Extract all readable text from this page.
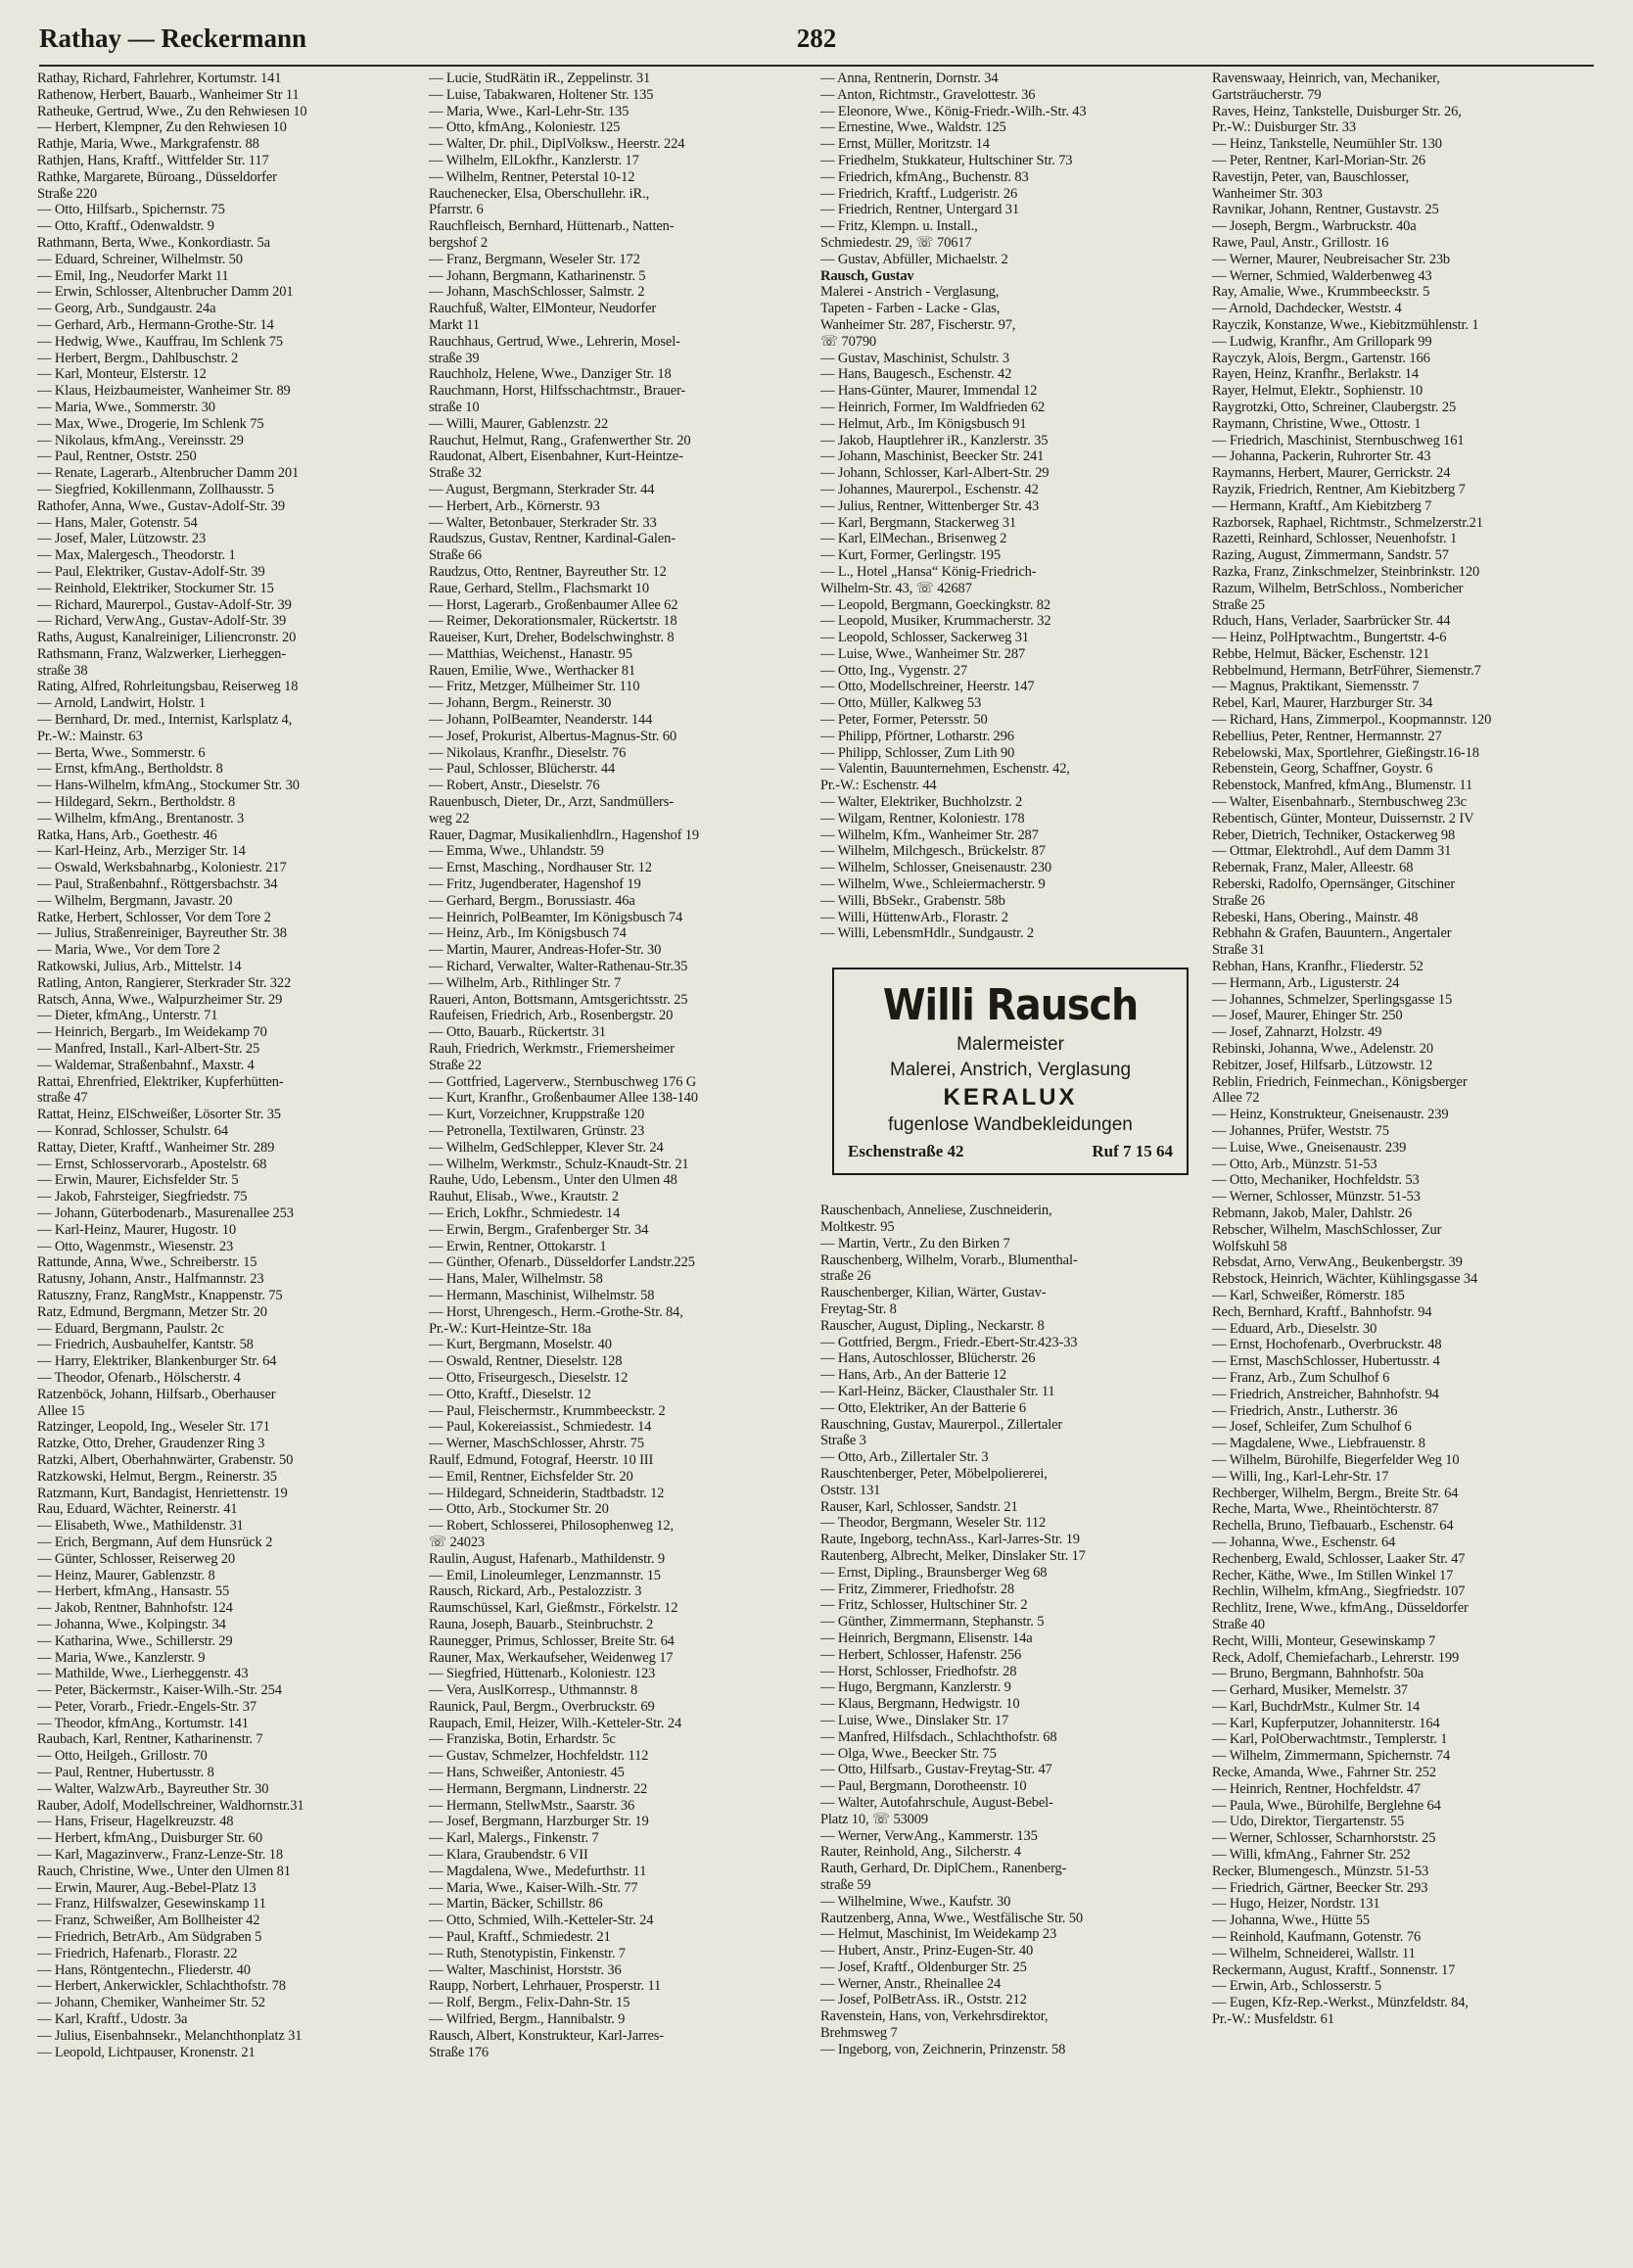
Rathay — Reckermann	282
Rathay, Richard, Fahrlehrer, Kortumstr. 141
Rathenow, Herbert, Bauarb., Wanheimer Str 11
Ratheuke, Gertrud, Wwe., Zu den Rehwiesen 10
— Herbert, Klempner, Zu den Rehwiesen 10
Rathje, Maria, Wwe., Markgrafenstr. 88
Rathjen, Hans, Kraftf., Wittfelder Str. 117
Rathke, Margarete, Büroang., Düsseldorfer
Straße 220
— Otto, Hilfsarb., Spichernstr. 75
— Otto, Kraftf., Odenwaldstr. 9
Rathmann, Berta, Wwe., Konkordiastr. 5a
— Eduard, Schreiner, Wilhelmstr. 50
— Emil, Ing., Neudorfer Markt 11
— Erwin, Schlosser, Altenbrucher Damm 201
— Georg, Arb., Sundgaustr. 24a
— Gerhard, Arb., Hermann-Grothe-Str. 14
— Hedwig, Wwe., Kauffrau, Im Schlenk 75
— Herbert, Bergm., Dahlbuschstr. 2
— Karl, Monteur, Elsterstr. 12
— Klaus, Heizbaumeister, Wanheimer Str. 89
— Maria, Wwe., Sommerstr. 30
— Max, Wwe., Drogerie, Im Schlenk 75
— Nikolaus, kfmAng., Vereinsstr. 29
— Paul, Rentner, Oststr. 250
— Renate, Lagerarb., Altenbrucher Damm 201
— Siegfried, Kokillenmann, Zollhausstr. 5
Rathofer, Anna, Wwe., Gustav-Adolf-Str. 39
— Hans, Maler, Gotenstr. 54
— Josef, Maler, Lützowstr. 23
— Max, Malergesch., Theodorstr. 1
— Paul, Elektriker, Gustav-Adolf-Str. 39
— Reinhold, Elektriker, Stockumer Str. 15
— Richard, Maurerpol., Gustav-Adolf-Str. 39
— Richard, VerwAng., Gustav-Adolf-Str. 39
Raths, August, Kanalreiniger, Liliencronstr. 20
Rathsmann, Franz, Walzwerker, Lierheggen-
straße 38
Rating, Alfred, Rohrleitungsbau, Reiserweg 18
— Arnold, Landwirt, Holstr. 1
— Bernhard, Dr. med., Internist, Karlsplatz 4,
Pr.-W.: Mainstr. 63
— Berta, Wwe., Sommerstr. 6
— Ernst, kfmAng., Bertholdstr. 8
— Hans-Wilhelm, kfmAng., Stockumer Str. 30
— Hildegard, Sekrn., Bertholdstr. 8
— Wilhelm, kfmAng., Brentanostr. 3
Ratka, Hans, Arb., Goethestr. 46
— Karl-Heinz, Arb., Merziger Str. 14
— Oswald, Werksbahnarbg., Koloniestr. 217
— Paul, Straßenbahnf., Röttgersbachstr. 34
— Wilhelm, Bergmann, Javastr. 20
Ratke, Herbert, Schlosser, Vor dem Tore 2
— Julius, Straßenreiniger, Bayreuther Str. 38
— Maria, Wwe., Vor dem Tore 2
Ratkowski, Julius, Arb., Mittelstr. 14
Ratling, Anton, Rangierer, Sterkrader Str. 322
Ratsch, Anna, Wwe., Walpurzheimer Str. 29
— Dieter, kfmAng., Unterstr. 71
— Heinrich, Bergarb., Im Weidekamp 70
— Manfred, Install., Karl-Albert-Str. 25
— Waldemar, Straßenbahnf., Maxstr. 4
Rattai, Ehrenfried, Elektriker, Kupferhütten-
straße 47
Rattat, Heinz, ElSchweißer, Lösorter Str. 35
— Konrad, Schlosser, Schulstr. 64
Rattay, Dieter, Kraftf., Wanheimer Str. 289
— Ernst, Schlosservorarb., Apostelstr. 68
— Erwin, Maurer, Eichsfelder Str. 5
— Jakob, Fahrsteiger, Siegfriedstr. 75
— Johann, Güterbodenarb., Masurenallee 253
— Karl-Heinz, Maurer, Hugostr. 10
— Otto, Wagenmstr., Wiesenstr. 23
Rattunde, Anna, Wwe., Schreiberstr. 15
Ratusny, Johann, Anstr., Halfmannstr. 23
Ratuszny, Franz, RangMstr., Knappenstr. 75
Ratz, Edmund, Bergmann, Metzer Str. 20
— Eduard, Bergmann, Paulstr. 2c
— Friedrich, Ausbauhelfer, Kantstr. 58
— Harry, Elektriker, Blankenburger Str. 64
— Theodor, Ofenarb., Hölscherstr. 4
Ratzenböck, Johann, Hilfsarb., Oberhauser
Allee 15
Ratzinger, Leopold, Ing., Weseler Str. 171
Ratzke, Otto, Dreher, Graudenzer Ring 3
Ratzki, Albert, Oberhahnwärter, Grabenstr. 50
Ratzkowski, Helmut, Bergm., Reinerstr. 35
Ratzmann, Kurt, Bandagist, Henriettenstr. 19
Rau, Eduard, Wächter, Reinerstr. 41
— Elisabeth, Wwe., Mathildenstr. 31
— Erich, Bergmann, Auf dem Hunsrück 2
— Günter, Schlosser, Reiserweg 20
— Heinz, Maurer, Gablenzstr. 8
— Herbert, kfmAng., Hansastr. 55
— Jakob, Rentner, Bahnhofstr. 124
— Johanna, Wwe., Kolpingstr. 34
— Katharina, Wwe., Schillerstr. 29
— Maria, Wwe., Kanzlerstr. 9
— Mathilde, Wwe., Lierheggenstr. 43
— Peter, Bäckermstr., Kaiser-Wilh.-Str. 254
— Peter, Vorarb., Friedr.-Engels-Str. 37
— Theodor, kfmAng., Kortumstr. 141
Raubach, Karl, Rentner, Katharinenstr. 7
— Otto, Heilgeh., Grillostr. 70
— Paul, Rentner, Hubertusstr. 8
— Walter, WalzwArb., Bayreuther Str. 30
Rauber, Adolf, Modellschreiner, Waldhornstr.31
— Hans, Friseur, Hagelkreuzstr. 48
— Herbert, kfmAng., Duisburger Str. 60
— Karl, Magazinverw., Franz-Lenze-Str. 18
Rauch, Christine, Wwe., Unter den Ulmen 81
— Erwin, Maurer, Aug.-Bebel-Platz 13
— Franz, Hilfswalzer, Gesewinskamp 11
— Franz, Schweißer, Am Bollheister 42
— Friedrich, BetrArb., Am Südgraben 5
— Friedrich, Hafenarb., Florastr. 22
— Hans, Röntgentechn., Fliederstr. 40
— Herbert, Ankerwickler, Schlachthofstr. 78
— Johann, Chemiker, Wanheimer Str. 52
— Karl, Kraftf., Udostr. 3a
— Julius, Eisenbahnsekr., Melanchthonplatz 31
— Leopold, Lichtpauser, Kronenstr. 21
— Lucie, StudRätin iR., Zeppelinstr. 31
— Luise, Tabakwaren, Holtener Str. 135
— Maria, Wwe., Karl-Lehr-Str. 135
— Otto, kfmAng., Koloniestr. 125
— Walter, Dr. phil., DiplVolksw., Heerstr. 224
— Wilhelm, ElLokfhr., Kanzlerstr. 17
— Wilhelm, Rentner, Peterstal 10-12
Rauchenecker, Elsa, Oberschullehr. iR.,
Pfarrstr. 6
Rauchfleisch, Bernhard, Hüttenarb., Natten-
bergshof 2
— Franz, Bergmann, Weseler Str. 172
— Johann, Bergmann, Katharinenstr. 5
— Johann, MaschSchlosser, Salmstr. 2
Rauchfuß, Walter, ElMonteur, Neudorfer
Markt 11
Rauchhaus, Gertrud, Wwe., Lehrerin, Mosel-
straße 39
Rauchholz, Helene, Wwe., Danziger Str. 18
Rauchmann, Horst, Hilfsschachtmstr., Brauer-
straße 10
— Willi, Maurer, Gablenzstr. 22
Rauchut, Helmut, Rang., Grafenwerther Str. 20
Raudonat, Albert, Eisenbahner, Kurt-Heintze-
Straße 32
— August, Bergmann, Sterkrader Str. 44
— Herbert, Arb., Körnerstr. 93
— Walter, Betonbauer, Sterkrader Str. 33
Raudszus, Gustav, Rentner, Kardinal-Galen-
Straße 66
Raudzus, Otto, Rentner, Bayreuther Str. 12
Raue, Gerhard, Stellm., Flachsmarkt 10
— Horst, Lagerarb., Großenbaumer Allee 62
— Reimer, Dekorationsmaler, Rückertstr. 18
Raueiser, Kurt, Dreher, Bodelschwinghstr. 8
— Matthias, Weichenst., Hanastr. 95
Rauen, Emilie, Wwe., Werthacker 81
— Fritz, Metzger, Mülheimer Str. 110
— Johann, Bergm., Reinerstr. 30
— Johann, PolBeamter, Neanderstr. 144
— Josef, Prokurist, Albertus-Magnus-Str. 60
— Nikolaus, Kranfhr., Dieselstr. 76
— Paul, Schlosser, Blücherstr. 44
— Robert, Anstr., Dieselstr. 76
Rauenbusch, Dieter, Dr., Arzt, Sandmüllers-
weg 22
Rauer, Dagmar, Musikalienhdlrn., Hagenshof 19
— Emma, Wwe., Uhlandstr. 59
— Ernst, Masching., Nordhauser Str. 12
— Fritz, Jugendberater, Hagenshof 19
— Gerhard, Bergm., Borussiastr. 46a
— Heinrich, PolBeamter, Im Königsbusch 74
— Heinz, Arb., Im Königsbusch 74
— Martin, Maurer, Andreas-Hofer-Str. 30
— Richard, Verwalter, Walter-Rathenau-Str.35
— Wilhelm, Arb., Rithlinger Str. 7
Raueri, Anton, Bottsmann, Amtsgerichtsstr. 25
Raufeisen, Friedrich, Arb., Rosenbergstr. 20
— Otto, Bauarb., Rückertstr. 31
Rauh, Friedrich, Werkmstr., Friemersheimer
Straße 22
— Gottfried, Lagerverw., Sternbuschweg 176 G
— Kurt, Kranfhr., Großenbaumer Allee 138-140
— Kurt, Vorzeichner, Kruppstraße 120
— Petronella, Textilwaren, Grünstr. 23
— Wilhelm, GedSchlepper, Klever Str. 24
— Wilhelm, Werkmstr., Schulz-Knaudt-Str. 21
Rauhe, Udo, Lebensm., Unter den Ulmen 48
Rauhut, Elisab., Wwe., Krautstr. 2
— Erich, Lokfhr., Schmiedestr. 14
— Erwin, Bergm., Grafenberger Str. 34
— Erwin, Rentner, Ottokarstr. 1
— Günther, Ofenarb., Düsseldorfer Landstr.225
— Hans, Maler, Wilhelmstr. 58
— Hermann, Maschinist, Wilhelmstr. 58
— Horst, Uhrengesch., Herm.-Grothe-Str. 84,
Pr.-W.: Kurt-Heintze-Str. 18a
— Kurt, Bergmann, Moselstr. 40
— Oswald, Rentner, Dieselstr. 128
— Otto, Friseurgesch., Dieselstr. 12
— Otto, Kraftf., Dieselstr. 12
— Paul, Fleischermstr., Krummbeeckstr. 2
— Paul, Kokereiassist., Schmiedestr. 14
— Werner, MaschSchlosser, Ahrstr. 75
Raulf, Edmund, Fotograf, Heerstr. 10 III
— Emil, Rentner, Eichsfelder Str. 20
— Hildegard, Schneiderin, Stadtbadstr. 12
— Otto, Arb., Stockumer Str. 20
— Robert, Schlossereі, Philosophenweg 12,
☏ 24023
Raulin, August, Hafenarb., Mathildenstr. 9
— Emil, Linoleumleger, Lenzmannstr. 15
Rausch, Rickard, Arb., Pestalozzistr. 3
Raumschüssel, Karl, Gießmstr., Förkelstr. 12
Rauna, Joseph, Bauarb., Steinbruchstr. 2
Raunegger, Primus, Schlosser, Breite Str. 64
Rauner, Max, Werkaufseher, Weidenweg 17
— Siegfried, Hüttenarb., Koloniestr. 123
— Vera, AuslKorresp., Uthmannstr. 8
Raunick, Paul, Bergm., Overbruckstr. 69
Raupach, Emil, Heizer, Wilh.-Ketteler-Str. 24
— Franziska, Botin, Erhardstr. 5c
— Gustav, Schmelzer, Hochfeldstr. 112
— Hans, Schweißer, Antoniestr. 45
— Hermann, Bergmann, Lindnerstr. 22
— Hermann, StellwMstr., Saarstr. 36
— Josef, Bergmann, Harzburger Str. 19
— Karl, Malergs., Finkenstr. 7
— Klara, Graubendstr. 6 VII
— Magdalena, Wwe., Medefurthstr. 11
— Maria, Wwe., Kaiser-Wilh.-Str. 77
— Martin, Bäcker, Schillstr. 86
— Otto, Schmied, Wilh.-Ketteler-Str. 24
— Paul, Kraftf., Schmiedestr. 21
— Ruth, Stenotypistin, Finkenstr. 7
— Walter, Maschinist, Horststr. 36
Raupp, Norbert, Lehrhauer, Prosperstr. 11
— Rolf, Bergm., Felix-Dahn-Str. 15
— Wilfried, Bergm., Hannibalstr. 9
Rausch, Albert, Konstrukteur, Karl-Jarres-
Straße 176
— Anna, Rentnerin, Dornstr. 34
— Anton, Richtmstr., Gravelottestr. 36
— Eleonore, Wwe., König-Friedr.-Wilh.-Str. 43
— Ernestine, Wwe., Waldstr. 125
— Ernst, Müller, Moritzstr. 14
— Friedhelm, Stukkateur, Hultschiner Str. 73
— Friedrich, kfmAng., Buchenstr. 83
— Friedrich, Kraftf., Ludgeristr. 26
— Friedrich, Rentner, Untergard 31
— Fritz, Klempn. u. Install.,
Schmiedestr. 29, ☏ 70617
— Gustav, Abfüller, Michaelstr. 2
Rausch, Gustav
Malerei - Anstrich - Verglasung,
Tapeten - Farben - Lacke - Glas,
Wanheimer Str. 287, Fischerstr. 97,
☏ 70790
— Gustav, Maschinist, Schulstr. 3
— Hans, Baugesch., Eschenstr. 42
— Hans-Günter, Maurer, Immendal 12
— Heinrich, Former, Im Waldfrieden 62
— Helmut, Arb., Im Königsbusch 91
— Jakob, Hauptlehrer iR., Kanzlerstr. 35
— Johann, Maschinist, Beecker Str. 241
— Johann, Schlosser, Karl-Albert-Str. 29
— Johannes, Maurerpol., Eschenstr. 42
— Julius, Rentner, Wittenberger Str. 43
— Karl, Bergmann, Stackerweg 31
— Karl, ElMechan., Brisenweg 2
— Kurt, Former, Gerlingstr. 195
— L., Hotel „Hansa“ König-Friedrich-
Wilhelm-Str. 43, ☏ 42687
— Leopold, Bergmann, Goeckingkstr. 82
— Leopold, Musiker, Krummacherstr. 32
— Leopold, Schlosser, Sackerweg 31
— Luise, Wwe., Wanheimer Str. 287
— Otto, Ing., Vygenstr. 27
— Otto, Modellschreiner, Heerstr. 147
— Otto, Müller, Kalkweg 53
— Peter, Former, Petersstr. 50
— Philipp, Pförtner, Lotharstr. 296
— Philipp, Schlosser, Zum Lith 90
— Valentin, Bauunternehmen, Eschenstr. 42,
Pr.-W.: Eschenstr. 44
— Walter, Elektriker, Buchholzstr. 2
— Wilgam, Rentner, Koloniestr. 178
— Wilhelm, Kfm., Wanheimer Str. 287
— Wilhelm, Milchgesch., Brückelstr. 87
— Wilhelm, Schlosser, Gneisenaustr. 230
— Wilhelm, Wwe., Schleiermacherstr. 9
— Willi, BbSekr., Grabenstr. 58b
— Willi, HüttenwArb., Florastr. 2
— Willi, LebensmHdlr., Sundgaustr. 2
Willi Rausch
Malermeister
Malerei, Anstrich, Verglasung
KERALUX
fugenlose Wandbekleidungen
Eschenstraße 42	Ruf 7 15 64
Rauschenbach, Anneliese, Zuschneiderin,
Moltkestr. 95
— Martin, Vertr., Zu den Birken 7
Rauschenberg, Wilhelm, Vorarb., Blumenthal-
straße 26
Rauschenberger, Kilian, Wärter, Gustav-
Freytag-Str. 8
Rauscher, August, Dipling., Neckarstr. 8
— Gottfried, Bergm., Friedr.-Ebert-Str.423-33
— Hans, Autoschlosser, Blücherstr. 26
— Hans, Arb., An der Batterie 12
— Karl-Heinz, Bäcker, Clausthaler Str. 11
— Otto, Elektriker, An der Batterie 6
Rauschning, Gustav, Maurerpol., Zillertaler
Straße 3
— Otto, Arb., Zillertaler Str. 3
Rauschtenberger, Peter, Möbelpoliererei,
Oststr. 131
Rauser, Karl, Schlosser, Sandstr. 21
— Theodor, Bergmann, Weseler Str. 112
Raute, Ingeborg, technAss., Karl-Jarres-Str. 19
Rautenberg, Albrecht, Melker, Dinslaker Str. 17
— Ernst, Dipling., Braunsberger Weg 68
— Fritz, Zimmerer, Friedhofstr. 28
— Fritz, Schlosser, Hultschiner Str. 2
— Günther, Zimmermann, Stephanstr. 5
— Heinrich, Bergmann, Elisenstr. 14a
— Herbert, Schlosser, Hafenstr. 256
— Horst, Schlosser, Friedhofstr. 28
— Hugo, Bergmann, Kanzlerstr. 9
— Klaus, Bergmann, Hedwigstr. 10
— Luise, Wwe., Dinslaker Str. 17
— Manfred, Hilfsdach., Schlachthofstr. 68
— Olga, Wwe., Beecker Str. 75
— Otto, Hilfsarb., Gustav-Freytag-Str. 47
— Paul, Bergmann, Dorotheenstr. 10
— Walter, Autofahrschule, August-Bebel-
Platz 10, ☏ 53009
— Werner, VerwAng., Kammerstr. 135
Rauter, Reinhold, Ang., Silcherstr. 4
Rauth, Gerhard, Dr. DiplChem., Ranenberg-
straße 59
— Wilhelmine, Wwe., Kaufstr. 30
Rautzenberg, Anna, Wwe., Westfälische Str. 50
— Helmut, Maschinist, Im Weidekamp 23
— Hubert, Anstr., Prinz-Eugen-Str. 40
— Josef, Kraftf., Oldenburger Str. 25
— Werner, Anstr., Rheinallee 24
— Josef, PolBetrAss. iR., Oststr. 212
Ravenstein, Hans, von, Verkehrsdirektor,
Brehmsweg 7
— Ingeborg, von, Zeichnerin, Prinzenstr. 58
Ravenswaay, Heinrich, van, Mechaniker,
Gartsträucherstr. 79
Raves, Heinz, Tankstelle, Duisburger Str. 26,
Pr.-W.: Duisburger Str. 33
— Heinz, Tankstelle, Neumühler Str. 130
— Peter, Rentner, Karl-Morian-Str. 26
Ravestijn, Peter, van, Bauschlosser,
Wanheimer Str. 303
Ravnikar, Johann, Rentner, Gustavstr. 25
— Joseph, Bergm., Warbruckstr. 40a
Rawe, Paul, Anstr., Grillostr. 16
— Werner, Maurer, Neubreisacher Str. 23b
— Werner, Schmied, Walderbenweg 43
Ray, Amalie, Wwe., Krummbeeckstr. 5
— Arnold, Dachdecker, Weststr. 4
Rayczik, Konstanze, Wwe., Kiebitzmühlenstr. 1
— Ludwig, Kranfhr., Am Grillopark 99
Rayczyk, Alois, Bergm., Gartenstr. 166
Rayen, Heinz, Kranfhr., Berlakstr. 14
Rayer, Helmut, Elektr., Sophienstr. 10
Raygrotzki, Otto, Schreiner, Claubergstr. 25
Raymann, Christine, Wwe., Ottostr. 1
— Friedrich, Maschinist, Sternbuschweg 161
— Johanna, Packerin, Ruhrorter Str. 43
Raymanns, Herbert, Maurer, Gerrickstr. 24
Rayzik, Friedrich, Rentner, Am Kiebitzberg 7
— Hermann, Kraftf., Am Kiebitzberg 7
Razborsek, Raphael, Richtmstr., Schmelzerstr.21
Razetti, Reinhard, Schlosser, Neuenhofstr. 1
Razing, August, Zimmermann, Sandstr. 57
Razka, Franz, Zinkschmelzer, Steinbrinkstr. 120
Razum, Wilhelm, BetrSchloss., Nombericher
Straße 25
Rduch, Hans, Verlader, Saarbrücker Str. 44
— Heinz, PolHptwachtm., Bungertstr. 4-6
Rebbe, Helmut, Bäcker, Eschenstr. 121
Rebbelmund, Hermann, BetrFührer, Siemenstr.7
— Magnus, Praktikant, Siemensstr. 7
Rebel, Karl, Maurer, Harzburger Str. 34
— Richard, Hans, Zimmerpol., Koopmannstr. 120
Rebellius, Peter, Rentner, Hermannstr. 27
Rebelowski, Max, Sportlehrer, Gießingstr.16-18
Rebenstein, Georg, Schaffner, Goystr. 6
Rebenstock, Manfred, kfmAng., Blumenstr. 11
— Walter, Eisenbahnarb., Sternbuschweg 23c
Rebentisch, Günter, Monteur, Duissernstr. 2 IV
Reber, Dietrich, Techniker, Ostackerweg 98
— Ottmar, Elektrohdl., Auf dem Damm 31
Rebernak, Franz, Maler, Alleestr. 68
Reberski, Radolfo, Opernsänger, Gitschiner
Straße 26
Rebeski, Hans, Obering., Mainstr. 48
Rebhahn & Grafen, Bauuntern., Angertaler
Straße 31
Rebhan, Hans, Kranfhr., Fliederstr. 52
— Hermann, Arb., Ligusterstr. 24
— Johannes, Schmelzer, Sperlingsgasse 15
— Josef, Maurer, Ehinger Str. 250
— Josef, Zahnarzt, Holzstr. 49
Rebinski, Johanna, Wwe., Adelenstr. 20
Rebitzer, Josef, Hilfsarb., Lützowstr. 12
Reblin, Friedrich, Feinmechan., Königsberger
Allee 72
— Heinz, Konstrukteur, Gneisenaustr. 239
— Johannes, Prüfer, Weststr. 75
— Luise, Wwe., Gneisenaustr. 239
— Otto, Arb., Münzstr. 51-53
— Otto, Mechaniker, Hochfeldstr. 53
— Werner, Schlosser, Münzstr. 51-53
Rebmann, Jakob, Maler, Dahlstr. 26
Rebscher, Wilhelm, MaschSchlosser, Zur
Wolfskuhl 58
Rebsdat, Arno, VerwAng., Beukenbergstr. 39
Rebstock, Heinrich, Wächter, Kühlingsgasse 34
— Karl, Schweißer, Römerstr. 185
Rech, Bernhard, Kraftf., Bahnhofstr. 94
— Eduard, Arb., Dieselstr. 30
— Ernst, Hochofenarb., Overbruckstr. 48
— Ernst, MaschSchlosser, Hubertusstr. 4
— Franz, Arb., Zum Schulhof 6
— Friedrich, Anstreicher, Bahnhofstr. 94
— Friedrich, Anstr., Lutherstr. 36
— Josef, Schleifer, Zum Schulhof 6
— Magdalene, Wwe., Liebfrauenstr. 8
— Wilhelm, Bürohilfe, Biegerfelder Weg 10
— Willi, Ing., Karl-Lehr-Str. 17
Rechberger, Wilhelm, Bergm., Breite Str. 64
Reche, Marta, Wwe., Rheintöchterstr. 87
Rechella, Bruno, Tiefbauarb., Eschenstr. 64
— Johanna, Wwe., Eschenstr. 64
Rechenberg, Ewald, Schlosser, Laaker Str. 47
Recher, Käthe, Wwe., Im Stillen Winkel 17
Rechlin, Wilhelm, kfmAng., Siegfriedstr. 107
Rechlitz, Irene, Wwe., kfmAng., Düsseldorfer
Straße 40
Recht, Willi, Monteur, Gesewinskamp 7
Reck, Adolf, Chemiefacharb., Lehrerstr. 199
— Bruno, Bergmann, Bahnhofstr. 50a
— Gerhard, Musiker, Memelstr. 37
— Karl, BuchdrMstr., Kulmer Str. 14
— Karl, Kupferputzer, Johanniterstr. 164
— Karl, PolOberwachtmstr., Templerstr. 1
— Wilhelm, Zimmermann, Spichernstr. 74
Recke, Amanda, Wwe., Fahrner Str. 252
— Heinrich, Rentner, Hochfeldstr. 47
— Paula, Wwe., Bürohilfe, Berglehne 64
— Udo, Direktor, Tiergartenstr. 55
— Werner, Schlosser, Scharnhorststr. 25
— Willi, kfmAng., Fahrner Str. 252
Recker, Blumengesch., Münzstr. 51-53
— Friedrich, Gärtner, Beecker Str. 293
— Hugo, Heizer, Nordstr. 131
— Johanna, Wwe., Hütte 55
— Reinhold, Kaufmann, Gotenstr. 76
— Wilhelm, Schneiderei, Wallstr. 11
Reckermann, August, Kraftf., Sonnenstr. 17
— Erwin, Arb., Schlosserstr. 5
— Eugen, Kfz-Rep.-Werkst., Münzfeldstr. 84,
Pr.-W.: Musfeldstr. 61
